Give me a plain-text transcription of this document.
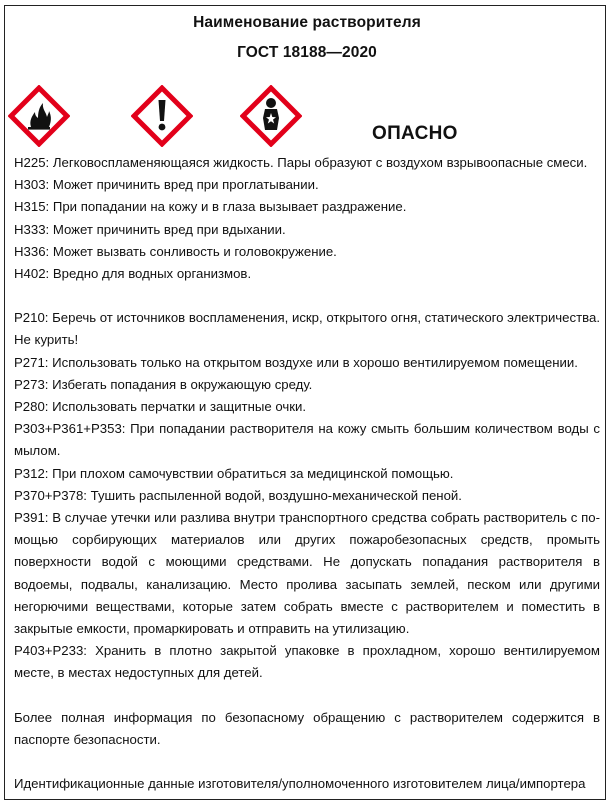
Наименование растворителя
ГОСТ 18188—2020
ОПАСНО

H225: Легковоспламеняющаяся жидкость. Пары образуют с воздухом взрывоопасные смеси.

H303: Может причинить вред при проглатывании.

H315: При попадании на кожу и в глаза вызывает раздражение.

H333: Может причинить вред при вдыхании.

H336: Может вызвать сонливость и головокружение.

H402: Вредно для водных организмов.

P210: Беречь от источников воспламенения, искр, открытого огня, статического электричества. Не курить!

P271: Использовать только на открытом воздухе или в хорошо вентилируемом помещении.

P273: Избегать попадания в окружающую среду.

P280: Использовать перчатки и защитные очки.

P303+P361+P353: При попадании растворителя на кожу смыть большим количеством воды с мылом.

P312: При плохом самочувствии обратиться за медицинской помощью.

P370+P378: Тушить распыленной водой, воздушно-механической пеной.

P391: В случае утечки или разлива внутри транспортного средства собрать растворитель с помощью сорбирующих материалов или других пожаробезопасных средств, промыть поверхности водой с моющими средствами. Не допускать попадания растворителя в водоемы, подвалы, канализацию. Место пролива засыпать землей, песком или другими негорючими веществами, которые затем собрать вместе с растворителем и поместить в закрытые емкости, промаркировать и отправить на утилизацию.

P403+P233: Хранить в плотно закрытой упаковке в прохладном, хорошо вентилируемом месте, в местах недоступных для детей.

Более полная информация по безопасному обращению с растворителем содержится в паспорте безопасности.

Идентификационные данные изготовителя/уполномоченного изготовителем лица/импортера
